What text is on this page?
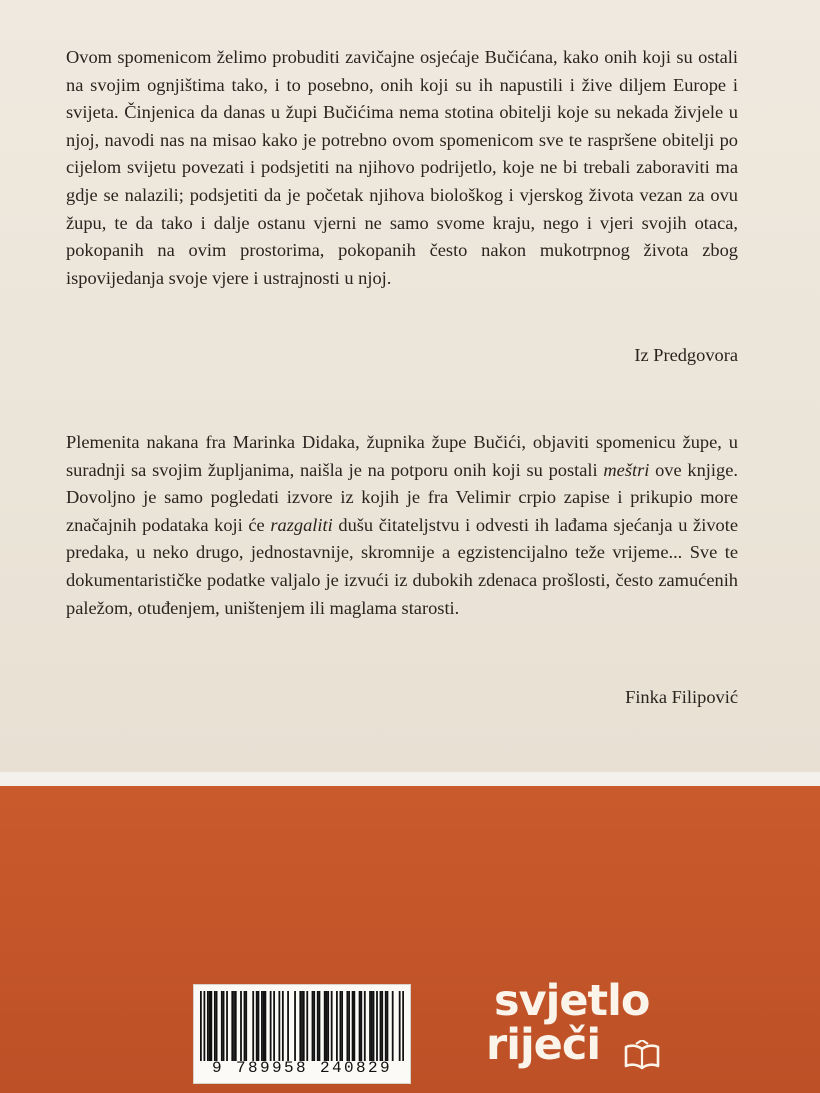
Ovom spomenicom želimo probuditi zavičajne osjećaje Bučićana, kako onih koji su ostali na svojim ognjištima tako, i to posebno, onih koji su ih napustili i žive diljem Europe i svijeta. Činjenica da danas u župi Bučićima nema stotina obitelji koje su nekada živjele u njoj, navodi nas na misao kako je potrebno ovom spomenicom sve te raspršene obitelji po cijelom svijetu povezati i podsjetiti na njihovo podrijetlo, koje ne bi trebali zaboraviti ma gdje se nalazili; podsjetiti da je početak njihova biološkog i vjerskog života vezan za ovu župu, te da tako i dalje ostanu vjerni ne samo svome kraju, nego i vjeri svojih otaca, pokopanih na ovim prostorima, pokopanih često nakon mukotrpnog života zbog ispovijedanja svoje vjere i ustrajnosti u njoj.

Iz Predgovora

Plemenita nakana fra Marinka Didaka, župnika župe Bučići, objaviti spomenicu župe, u suradnji sa svojim župljanima, naišla je na potporu onih koji su postali meštri ove knjige. Dovoljno je samo pogledati izvore iz kojih je fra Velimir crpio zapise i prikupio more značajnih podataka koji će razgaliti dušu čitateljstvu i odvesti ih lađama sjećanja u živote predaka, u neko drugo, jednostavnije, skromnije a egzistencijalno teže vrijeme... Sve te dokumentarističke podatke valjalo je izvući iz dubokih zdenaca prošlosti, često zamućenih paležom, otuđenjem, uništenjem ili maglama starosti.

Finka Filipović

9 789958 240829
svjetlo
riječi
